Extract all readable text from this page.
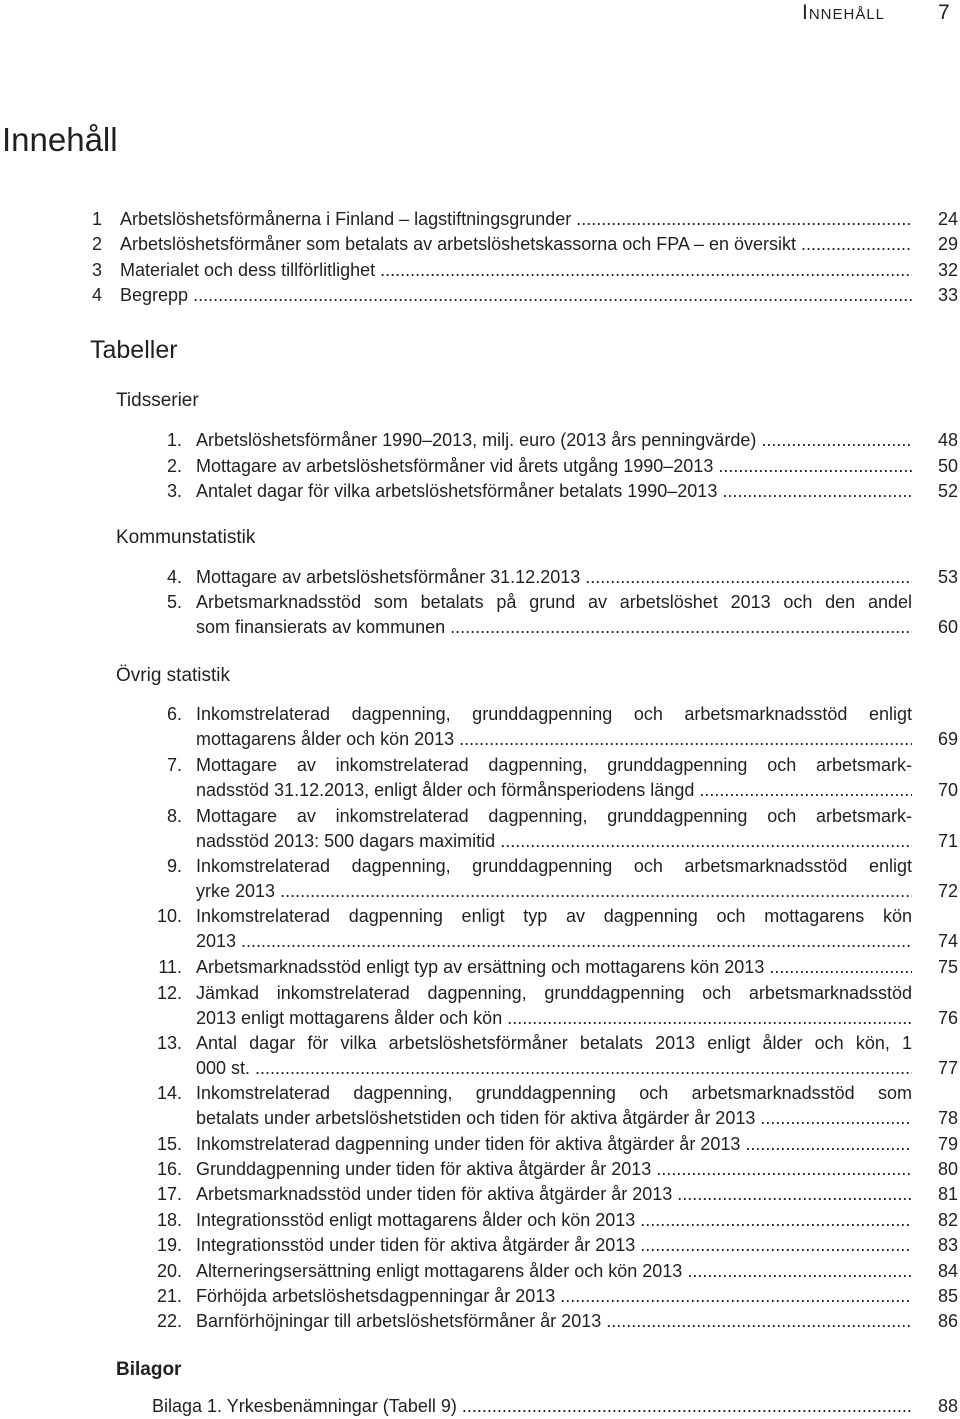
Innehåll	7
Innehåll
1 Arbetslöshetsförmånerna i Finland – lagstiftningsgrunder .....	24
2 Arbetslöshetsförmåner som betalats av arbetslöshetskassorna och FPA – en översikt .....	29
3 Materialet och dess tillförlitlighet .....	32
4 Begrepp .....	33
Tabeller
Tidsserier
1. Arbetslöshetsförmåner 1990–2013, milj. euro (2013 års penningvärde) .....	48
2. Mottagare av arbetslöshetsförmåner vid årets utgång 1990–2013 .....	50
3. Antalet dagar för vilka arbetslöshetsförmåner betalats 1990–2013 .....	52
Kommunstatistik
4. Mottagare av arbetslöshetsförmåner 31.12.2013 .....	53
5. Arbetsmarknadsstöd som betalats på grund av arbetslöshet 2013 och den andel
som finansierats av kommunen .....	60
Övrig statistik
6. Inkomstrelaterad dagpenning, grunddagpenning och arbetsmarknadsstöd enligt
mottagarens ålder och kön 2013 .....	69
7. Mottagare av inkomstrelaterad dagpenning, grunddagpenning och arbetsmark-
nadsstöd 31.12.2013, enligt ålder och förmånsperiodens längd .....	70
8. Mottagare av inkomstrelaterad dagpenning, grunddagpenning och arbetsmark-
nadsstöd 2013: 500 dagars maximitid .....	71
9. Inkomstrelaterad dagpenning, grunddagpenning och arbetsmarknadsstöd enligt
yrke 2013 .....	72
10. Inkomstrelaterad dagpenning enligt typ av dagpenning och mottagarens kön
2013 .....	74
11. Arbetsmarknadsstöd enligt typ av ersättning och mottagarens kön 2013 .....	75
12. Jämkad inkomstrelaterad dagpenning, grunddagpenning och arbetsmarknadsstöd
2013 enligt mottagarens ålder och kön .....	76
13. Antal dagar för vilka arbetslöshetsförmåner betalats 2013 enligt ålder och kön, 1
000 st. .....	77
14. Inkomstrelaterad dagpenning, grunddagpenning och arbetsmarknadsstöd som
betalats under arbetslöshetstiden och tiden för aktiva åtgärder år 2013 .....	78
15. Inkomstrelaterad dagpenning under tiden för aktiva åtgärder år 2013 .....	79
16. Grunddagpenning under tiden för aktiva åtgärder år 2013 .....	80
17. Arbetsmarknadsstöd under tiden för aktiva åtgärder år 2013 .....	81
18. Integrationsstöd enligt mottagarens ålder och kön 2013 .....	82
19. Integrationsstöd under tiden för aktiva åtgärder år 2013 .....	83
20. Alterneringsersättning enligt mottagarens ålder och kön 2013 .....	84
21. Förhöjda arbetslöshetsdagpenningar år 2013 .....	85
22. Barnförhöjningar till arbetslöshetsförmåner år 2013 .....	86
Bilagor
Bilaga 1. Yrkesbenämningar (Tabell 9) .....	88
